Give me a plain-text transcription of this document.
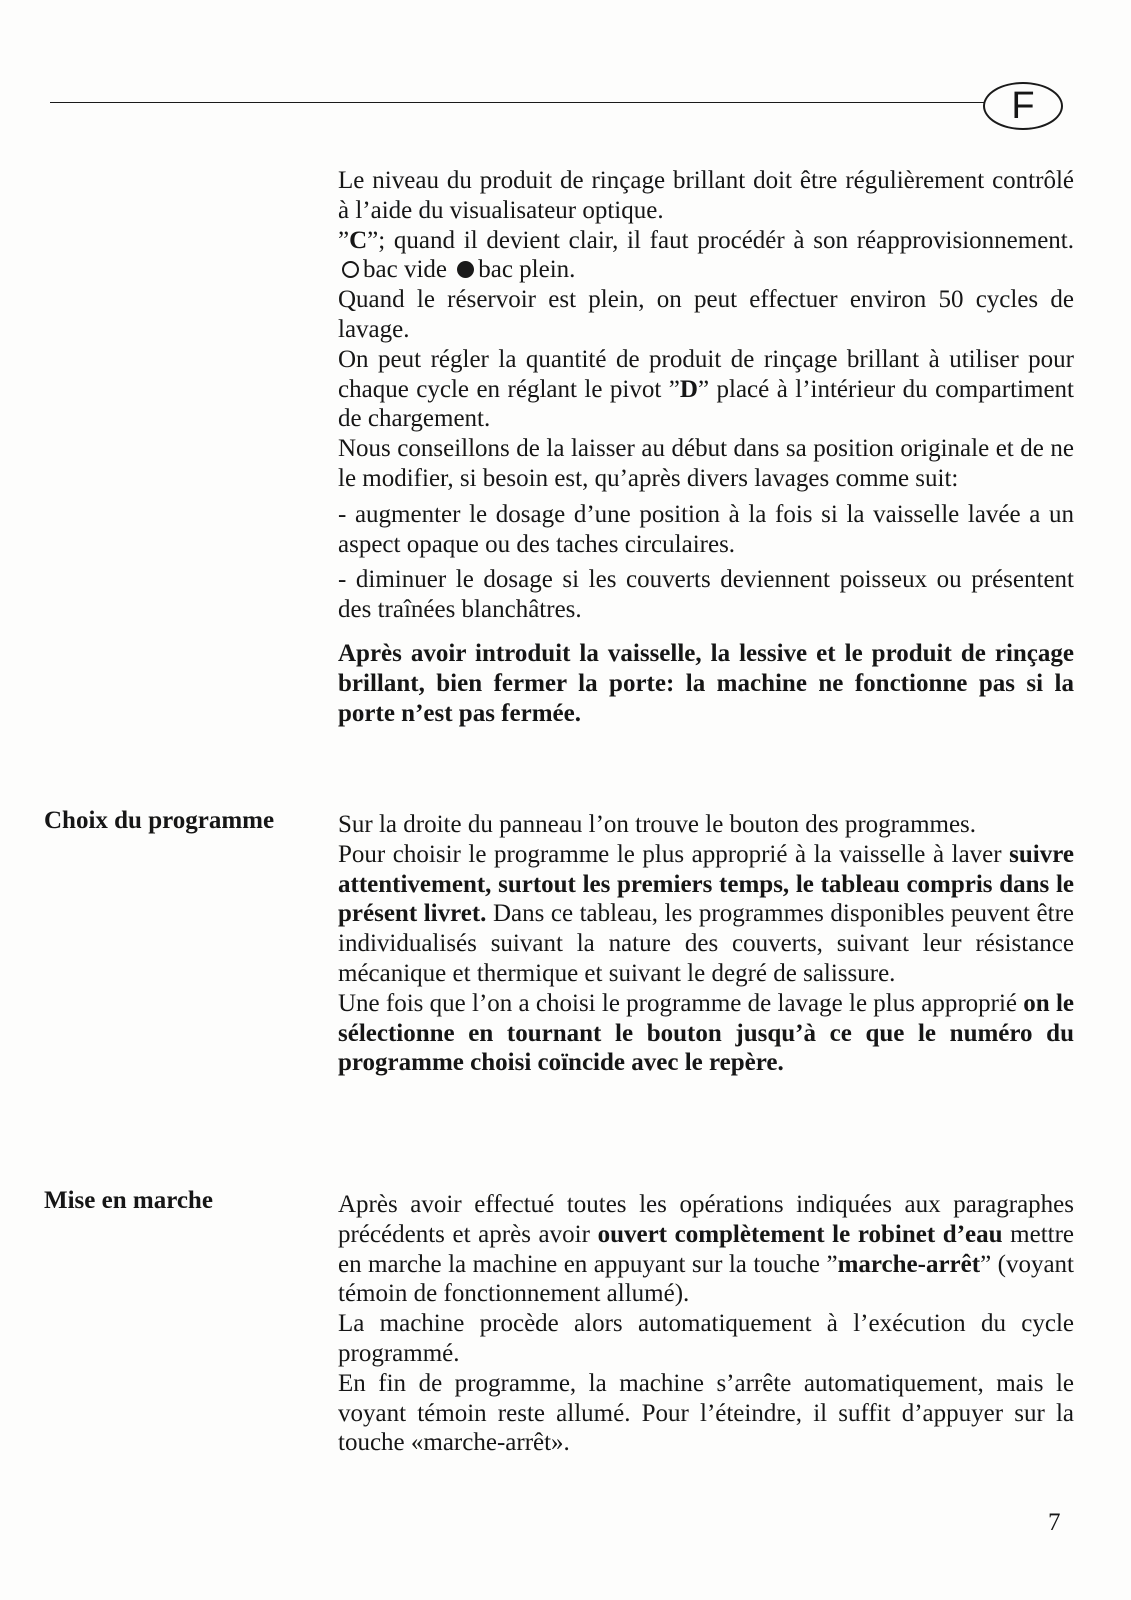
F

Le niveau du produit de rinçage brillant doit être régulièrement contrôlé à l’aide du visualisateur optique.

”C”; quand il devient clair, il faut procédér à son réapprovisionnement. bac vide bac plein.

Quand le réservoir est plein, on peut effectuer environ 50 cycles de lavage.

On peut régler la quantité de produit de rinçage brillant à utiliser pour chaque cycle en réglant le pivot ”D” placé à l’intérieur du compartiment de chargement.

Nous conseillons de la laisser au début dans sa position originale et de ne le modifier, si besoin est, qu’après divers lavages comme suit:

- augmenter le dosage d’une position à la fois si la vaisselle lavée a un aspect opaque ou des taches circulaires.

- diminuer le dosage si les couverts deviennent poisseux ou présentent des traînées blanchâtres.

Après avoir introduit la vaisselle, la lessive et le produit de rinçage brillant, bien fermer la porte: la machine ne fonctionne pas si la porte n’est pas fermée.

Choix du programme	Sur la droite du panneau l’on trouve le bouton des programmes.

Pour choisir le programme le plus approprié à la vaisselle à laver suivre attentivement, surtout les premiers temps, le tableau compris dans le présent livret. Dans ce tableau, les programmes disponibles peuvent être individualisés suivant la nature des couverts, suivant leur résistance mécanique et thermique et suivant le degré de salissure.

Une fois que l’on a choisi le programme de lavage le plus approprié on le sélectionne en tournant le bouton jusqu’à ce que le numéro du programme choisi coïncide avec le repère.

Mise en marche	Après avoir effectué toutes les opérations indiquées aux paragraphes précédents et après avoir ouvert complètement le robinet d’eau mettre en marche la machine en appuyant sur la touche ”marche-arrêt” (voyant témoin de fonctionnement allumé).

La machine procède alors automatiquement à l’exécution du cycle programmé.

En fin de programme, la machine s’arrête automatiquement, mais le voyant témoin reste allumé. Pour l’éteindre, il suffit d’appuyer sur la touche «marche-arrêt».

7
